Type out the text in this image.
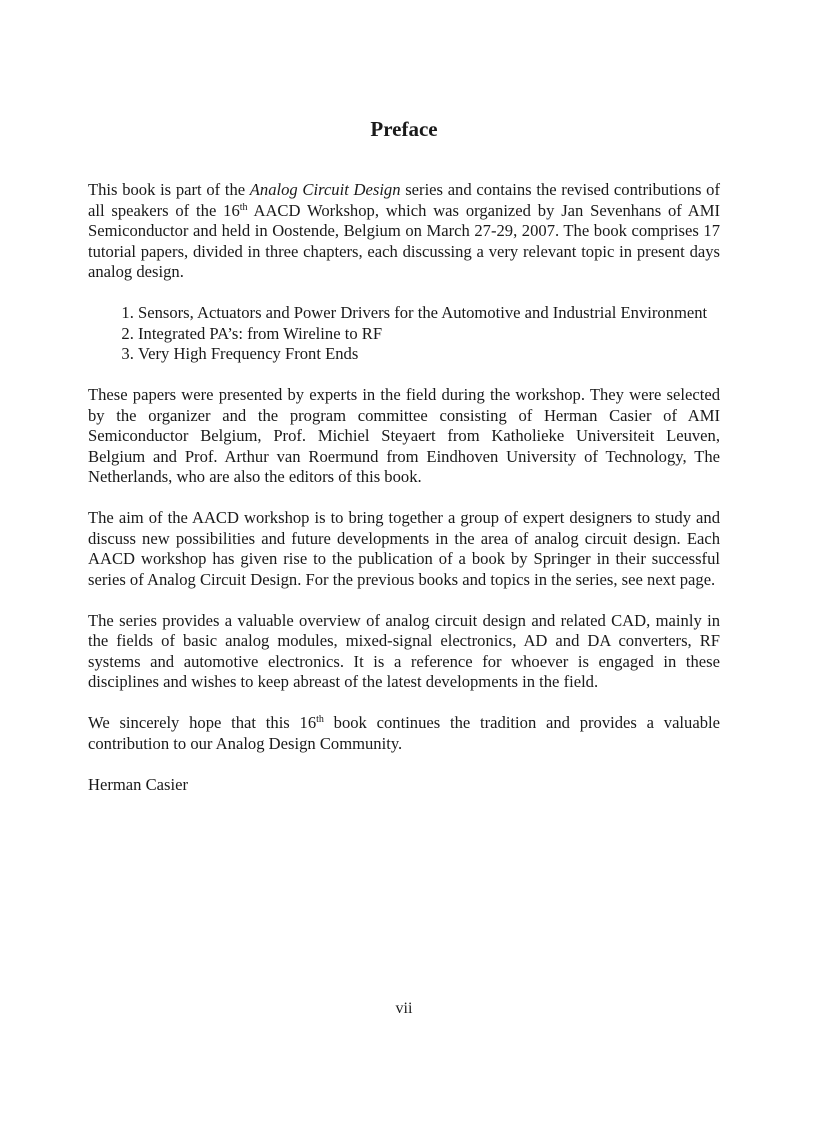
Preface

This book is part of the Analog Circuit Design series and contains the revised contributions of all speakers of the 16th AACD Workshop, which was organized by Jan Sevenhans of AMI Semiconductor and held in Oostende, Belgium on March 27-29, 2007. The book comprises 17 tutorial papers, divided in three chapters, each discussing a very relevant topic in present days analog design.

1. Sensors, Actuators and Power Drivers for the Automotive and Industrial Environment
2. Integrated PA’s: from Wireline to RF
3. Very High Frequency Front Ends

These papers were presented by experts in the field during the workshop. They were selected by the organizer and the program committee consisting of Herman Casier of AMI Semiconductor Belgium, Prof. Michiel Steyaert from Katholieke Universiteit Leuven, Belgium and Prof. Arthur van Roermund from Eindhoven University of Technology, The Netherlands, who are also the editors of this book.

The aim of the AACD workshop is to bring together a group of expert designers to study and discuss new possibilities and future developments in the area of analog circuit design. Each AACD workshop has given rise to the publication of a book by Springer in their successful series of Analog Circuit Design. For the previous books and topics in the series, see next page.

The series provides a valuable overview of analog circuit design and related CAD, mainly in the fields of basic analog modules, mixed-signal electronics, AD and DA converters, RF systems and automotive electronics. It is a reference for whoever is engaged in these disciplines and wishes to keep abreast of the latest developments in the field.

We sincerely hope that this 16th book continues the tradition and provides a valuable contribution to our Analog Design Community.

Herman Casier

vii
